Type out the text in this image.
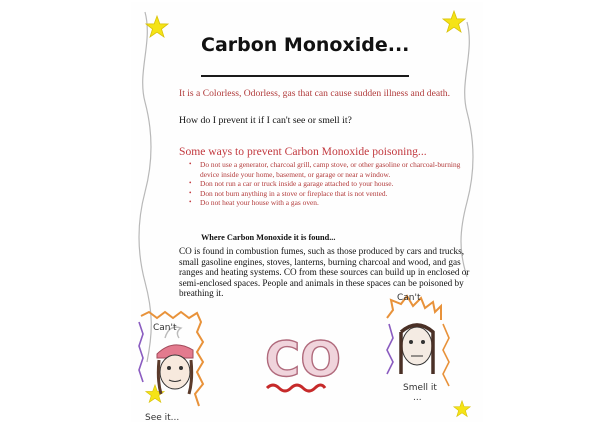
Carbon Monoxide...
It is a Colorless, Odorless, gas that can cause sudden illness and death.
How do I prevent it if I can't see or smell it?
Some ways to prevent Carbon Monoxide poisoning...
• Do not use a generator, charcoal grill, camp stove, or other gasoline or charcoal-burning device inside your home, basement, or garage or near a window.
• Don not run a car or truck inside a garage attached to your house.
• Don not burn anything in a stove or fireplace that is not vented.
• Do not heat your house with a gas oven.
Where Carbon Monoxide it is found...
CO is found in combustion fumes, such as those produced by cars and trucks, small gasoline engines, stoves, lanterns, burning charcoal and wood, and gas ranges and heating systems. CO from these sources can build up in enclosed or semi-enclosed spaces. People and animals in these spaces can be poisoned by breathing it.
Can't
See it...
CO
Can't
Smell it
...
